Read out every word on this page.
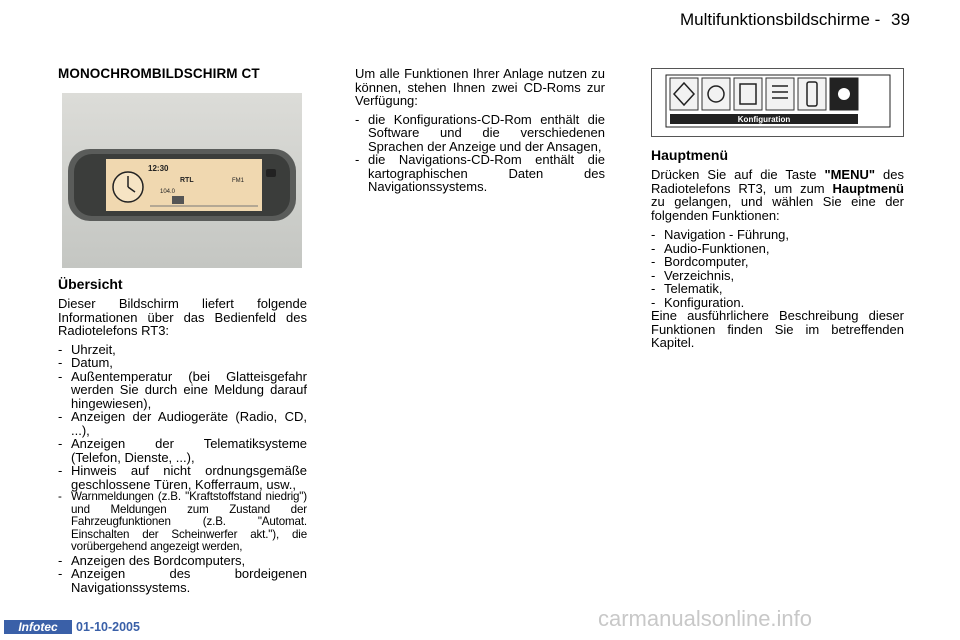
Multifunktionsbildschirme - 39
MONOCHROMBILDSCHIRM CT
12:30
RTL	FM1
104.0
Übersicht
Dieser Bildschirm liefert folgende Informationen über das Bedienfeld des Radiotelefons RT3:
- Uhrzeit,
- Datum,
- Außentemperatur (bei Glatteisgefahr werden Sie durch eine Meldung darauf hingewiesen),
- Anzeigen der Audiogeräte (Radio, CD, ...),
- Anzeigen der Telematiksysteme (Telefon, Dienste, ...),
- Hinweis auf nicht ordnungsgemäße geschlossene Türen, Kofferraum, usw.,
- Warnmeldungen (z.B. "Kraftstoffstand niedrig") und Meldungen zum Zustand der Fahrzeugfunktionen (z.B. "Automat. Einschalten der Scheinwerfer akt."), die vorübergehend angezeigt werden,
- Anzeigen des Bordcomputers,
- Anzeigen des bordeigenen Navigationssystems.
Um alle Funktionen Ihrer Anlage nutzen zu können, stehen Ihnen zwei CD-Roms zur Verfügung:
- die Konfigurations-CD-Rom enthält die Software und die verschiedenen Sprachen der Anzeige und der Ansagen,
- die Navigations-CD-Rom enthält die kartographischen Daten des Navigationssystems.
Konfiguration
Hauptmenü
Drücken Sie auf die Taste "MENU" des Radiotelefons RT3, um zum Hauptmenü zu gelangen, und wählen Sie eine der folgenden Funktionen:
- Navigation - Führung,
- Audio-Funktionen,
- Bordcomputer,
- Verzeichnis,
- Telematik,
- Konfiguration.
Eine ausführlichere Beschreibung dieser Funktionen finden Sie im betreffenden Kapitel.
Infotec	01-10-2005	carmanualsonline.info
